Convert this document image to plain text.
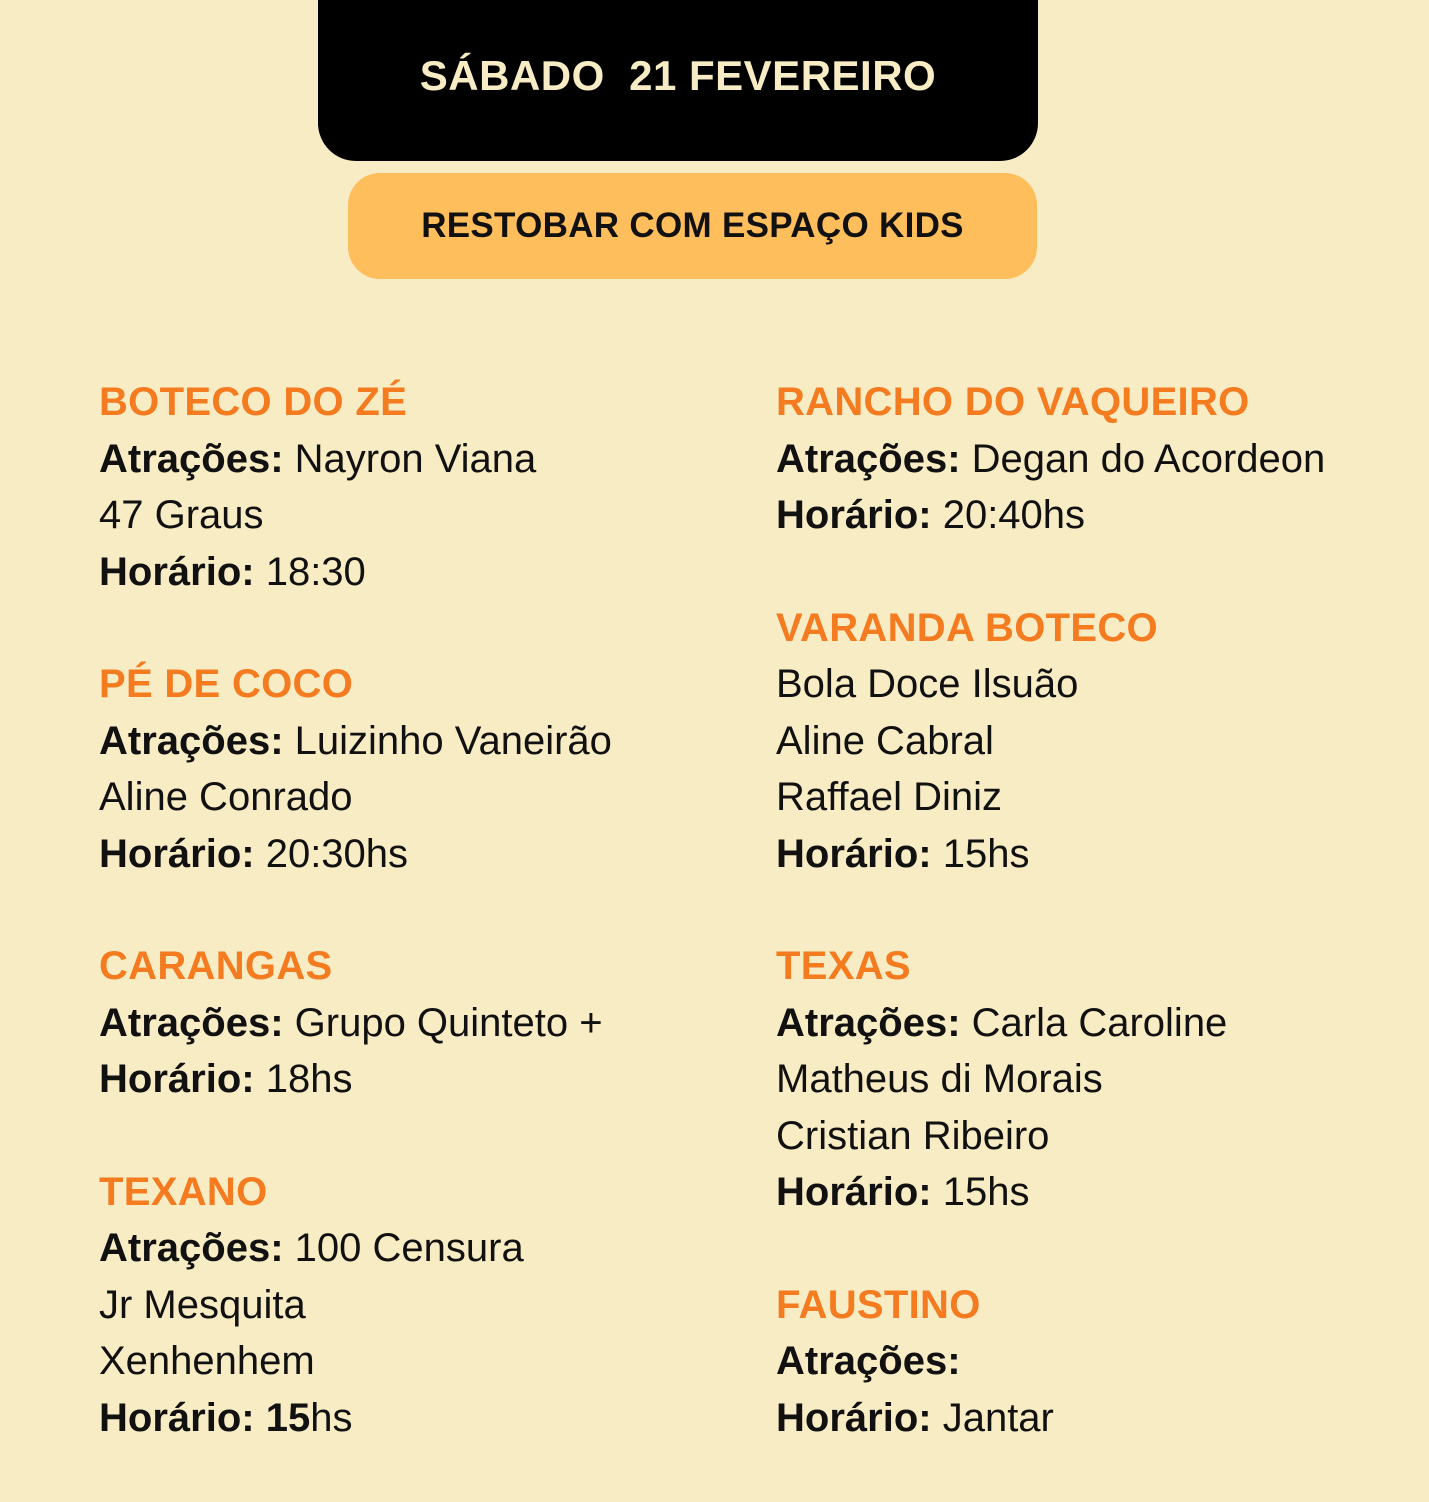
SÁBADO  21 FEVEREIRO
RESTOBAR COM ESPAÇO KIDS
BOTECO DO ZÉ
Atrações: Nayron Viana
47 Graus
Horário: 18:30
PÉ DE COCO
Atrações: Luizinho Vaneirão
Aline Conrado
Horário: 20:30hs
CARANGAS
Atrações: Grupo Quinteto +
Horário: 18hs
TEXANO
Atrações: 100 Censura
Jr Mesquita
Xenhenhem
Horário: 15hs
RANCHO DO VAQUEIRO
Atrações: Degan do Acordeon
Horário: 20:40hs
VARANDA BOTECO
Bola Doce Ilsuão
Aline Cabral
Raffael Diniz
Horário: 15hs
TEXAS
Atrações: Carla Caroline
Matheus di Morais
Cristian Ribeiro
Horário: 15hs
FAUSTINO
Atrações:
Horário: Jantar
